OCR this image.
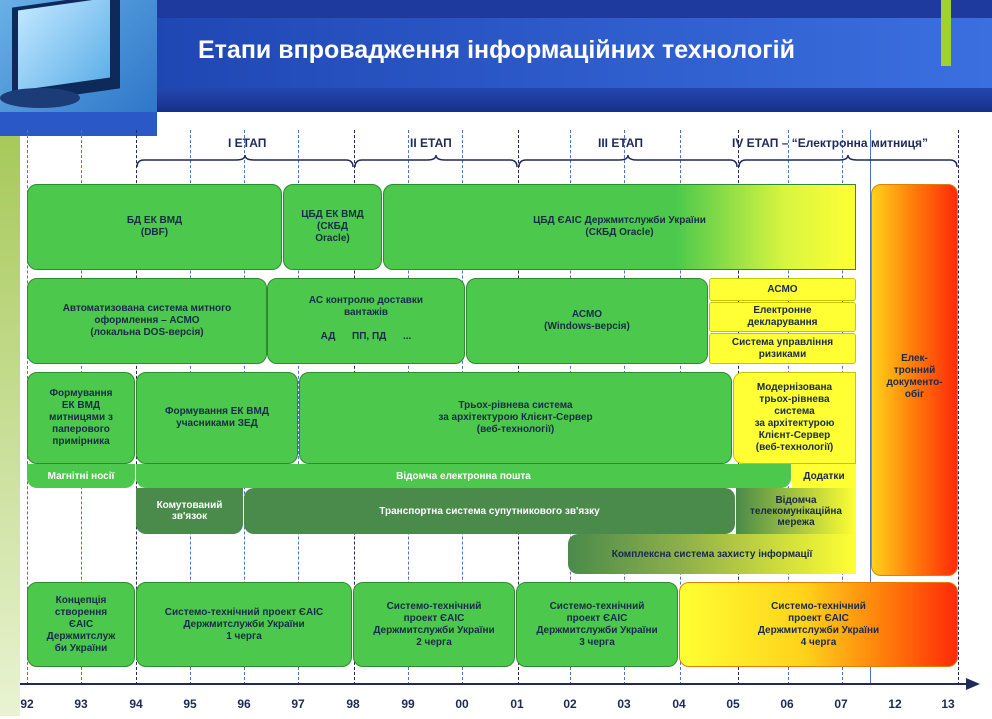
Етапи впровадження інформаційних технологій
І ЕТАП	ІІ ЕТАП	ІІІ ЕТАП	ІV ЕТАП – “Електронна митниця”
БД ЕК ВМД
(DBF)
ЦБД ЕК ВМД
(СКБД
Oracle)
ЦБД ЄАІС Держмитслужби України
(СКБД Oracle)
Автоматизована система митного
оформлення – АСМО
(локальна DOS-версія)
АС контролю доставки
вантажів
АД      ПП, ПД      ...
АСМО
(Windows-версія)
АСМО
Електронне
декларування
Система управління
ризиками
Формування
ЕК ВМД
митницями з
паперового
примірника
Формування ЕК ВМД
учасниками ЗЕД
Трьох-рівнева система
за архітектурою Клієнт-Сервер
(веб-технології)
Модернізована
трьох-рівнева
система
за архітектурою
Клієнт-Сервер
(веб-технології)
Магнітні носії	Відомча електронна пошта	Додатки
Комутований
зв'язок	Транспортна система супутникового зв'язку
Відомча
телекомунікаційна
мережа
Комплексна система захисту інформації
Елек-
тронний
документо-
обіг
Концепція
створення
ЄАІС
Держмитслуж
би України
Системо-технічний проект ЄАІС
Держмитслужби України
1 черга
Системо-технічний
проект ЄАІС
Держмитслужби України
2 черга
Системо-технічний
проект ЄАІС
Держмитслужби України
3 черга
Системо-технічний
проект ЄАІС
Держмитслужби України
4 черга
92	93	94	95	96	97	98	99	00	01	02	03	04	05	06	07	12	13
